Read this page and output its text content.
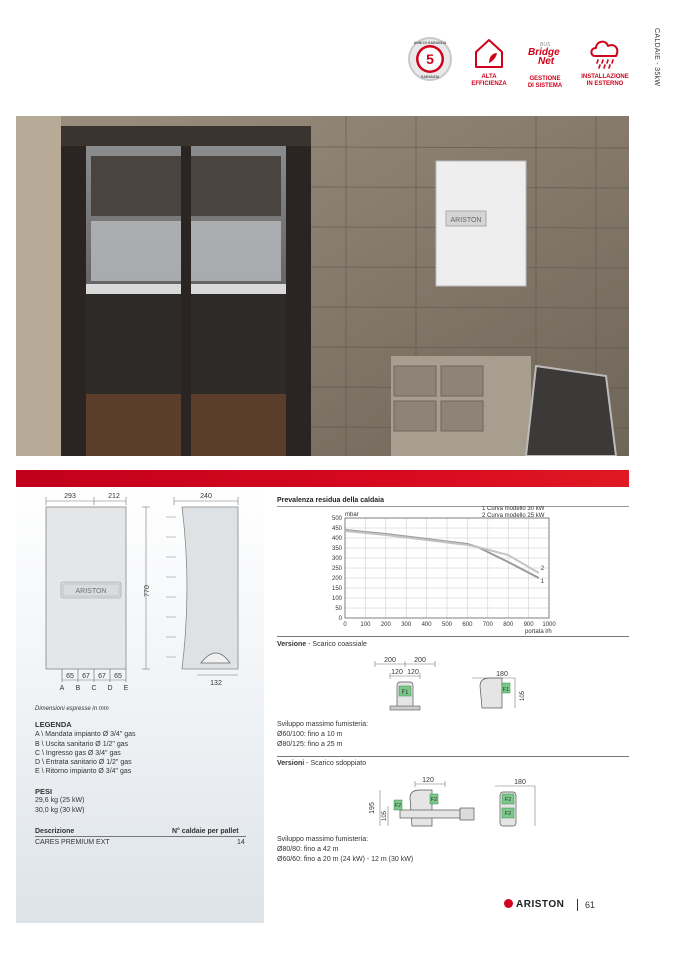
CALDAIE - 35kW
5
ANNI DI GARANZIA
GARANZIA	ALTA
EFFICIENZA
BUS
Bridge
Net
GESTIONE
DI SISTEMA
INSTALLAZIONE
IN ESTERNO
ARISTON
ARISTON
293	212	240
770
65 67 67 65
132
A B C D E
Dimensioni espresse in mm
LEGENDA
A \ Mandata impianto Ø 3/4" gas
B \ Uscita sanitario Ø 1/2" gas
C \ Ingresso gas Ø 3/4" gas
D \ Entrata sanitario Ø 1/2" gas
E \ Ritorno impianto Ø 3/4" gas
PESI
29,6 kg (25 kW)
30,0 kg (30 kW)
Descrizione	N° caldaie per pallet
CARES PREMIUM EXT	14
Prevalenza residua della caldaia
1
2
0
50
100
150
200
250
300
350
400
450
500
0 100 200 300 400 500 600 700 800 900 1000
mbar
portata l/h
1 Curva modello 30 kW
2 Curva modello 25 kW
Versione - Scarico coassiale
200	200
120 120	180
105
F1	F1
Sviluppo massimo fumisteria:
Ø60/100: fino a 10 m
Ø80/125: fino a 25 m
Versioni - Scarico sdoppiato
120
195
105
180
F2
F2	F2
F2
Sviluppo massimo fumisteria:
Ø80/80: fino a 42 m
Ø60/60: fino a 20 m (24 kW) - 12 m (30 kW)
ARISTON 61
